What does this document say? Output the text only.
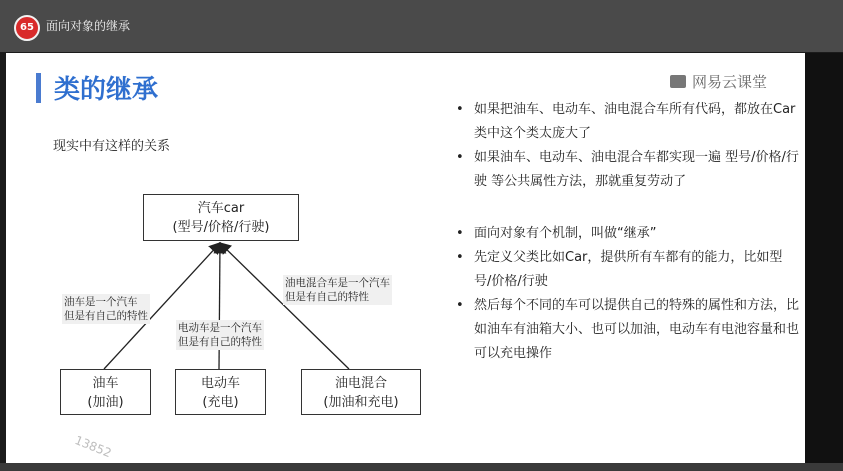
65	面向对象的继承
类的继承	网易云课堂
现实中有这样的关系
汽车car
(型号/价格/行驶)
油车
(加油)
电动车
(充电)
油电混合
(加油和充电)
油车是一个汽车
但是有自己的特性
电动车是一个汽车
但是有自己的特性
油电混合车是一个汽车
但是有自己的特性
• 如果把油车、电动车、油电混合车所有代码，都放在Car类中这个类太庞大了
• 如果油车、电动车、油电混合车都实现一遍 型号/价格/行驶 等公共属性方法，那就重复劳动了
• 面向对象有个机制，叫做“继承”
• 先定义父类比如Car，提供所有车都有的能力，比如型号/价格/行驶
• 然后每个不同的车可以提供自己的特殊的属性和方法，比如油车有油箱大小、也可以加油，电动车有电池容量和也可以充电操作
13852
